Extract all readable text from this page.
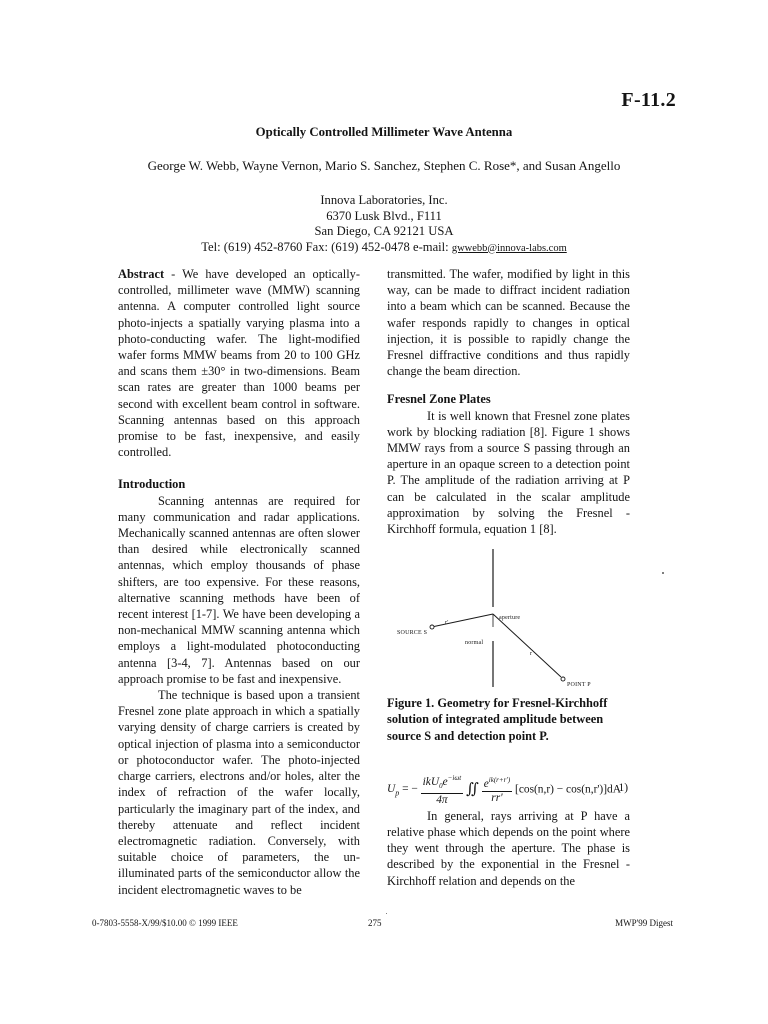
F-11.2
Optically Controlled Millimeter Wave Antenna
George W. Webb, Wayne Vernon, Mario S. Sanchez, Stephen C. Rose*, and Susan Angello
Innova Laboratories, Inc.
6370 Lusk Blvd., F111
San Diego, CA 92121 USA
Tel: (619) 452-8760 Fax: (619) 452-0478 e-mail: gwwebb@innova-labs.com

Abstract - We have developed an optically-controlled, millimeter wave (MMW) scanning antenna. A computer controlled light source photo-injects a spatially varying plasma into a photo-conducting wafer. The light-modified wafer forms MMW beams from 20 to 100 GHz and scans them ±30° in two-dimensions. Beam scan rates are greater than 1000 beams per second with excellent beam control in software. Scanning antennas based on this approach promise to be fast, inexpensive, and easily controlled.

Introduction

Scanning antennas are required for many communication and radar applications. Mechanically scanned antennas are often slower than desired while electronically scanned antennas, which employ thousands of phase shifters, are too expensive. For these reasons, alternative scanning methods have been of recent interest [1-7]. We have been developing a non-mechanical MMW scanning antenna which employs a light-modulated photoconducting antenna [3-4, 7]. Antennas based on our approach promise to be fast and inexpensive.

The technique is based upon a transient Fresnel zone plate approach in which a spatially varying density of charge carriers is created by optical injection of plasma into a semiconductor or photoconductor wafer. The photo-injected charge carriers, electrons and/or holes, alter the index of refraction of the wafer locally, particularly the imaginary part of the index, and thereby attenuate and reflect incident electromagnetic radiation. Conversely, with suitable choice of parameters, the un-illuminated parts of the semiconductor allow the incident electromagnetic waves to be

transmitted. The wafer, modified by light in this way, can be made to diffract incident radiation into a beam which can be scanned. Because the wafer responds rapidly to changes in optical injection, it is possible to rapidly change the Fresnel diffractive conditions and thus rapidly change the beam direction.

Fresnel Zone Plates

It is well known that Fresnel zone plates work by blocking radiation [8]. Figure 1 shows MMW rays from a source S passing through an aperture in an opaque screen to a detection point P. The amplitude of the radiation arriving at P can be calculated in the scalar amplitude approximation by solving the Fresnel - Kirchhoff formula, equation 1 [8].

SOURCE S
r'
aperture
normal
r
POINT P

Figure 1. Geometry for Fresnel-Kirchhoff solution of integrated amplitude between source S and detection point P.

$U_p$ = −
$ikU_0e^{-i\omega t}$
4π
∬ $e^{ik(r+r')}$
rr'
[cos(n,r) − cos(n,r')]dA
1)

In general, rays arriving at P have a relative phase which depends on the point where they went through the aperture. The phase is described by the exponential in the Fresnel - Kirchhoff relation and depends on the

0-7803-5558-X/99/$10.00 © 1999 IEEE	275	MWP'99 Digest
